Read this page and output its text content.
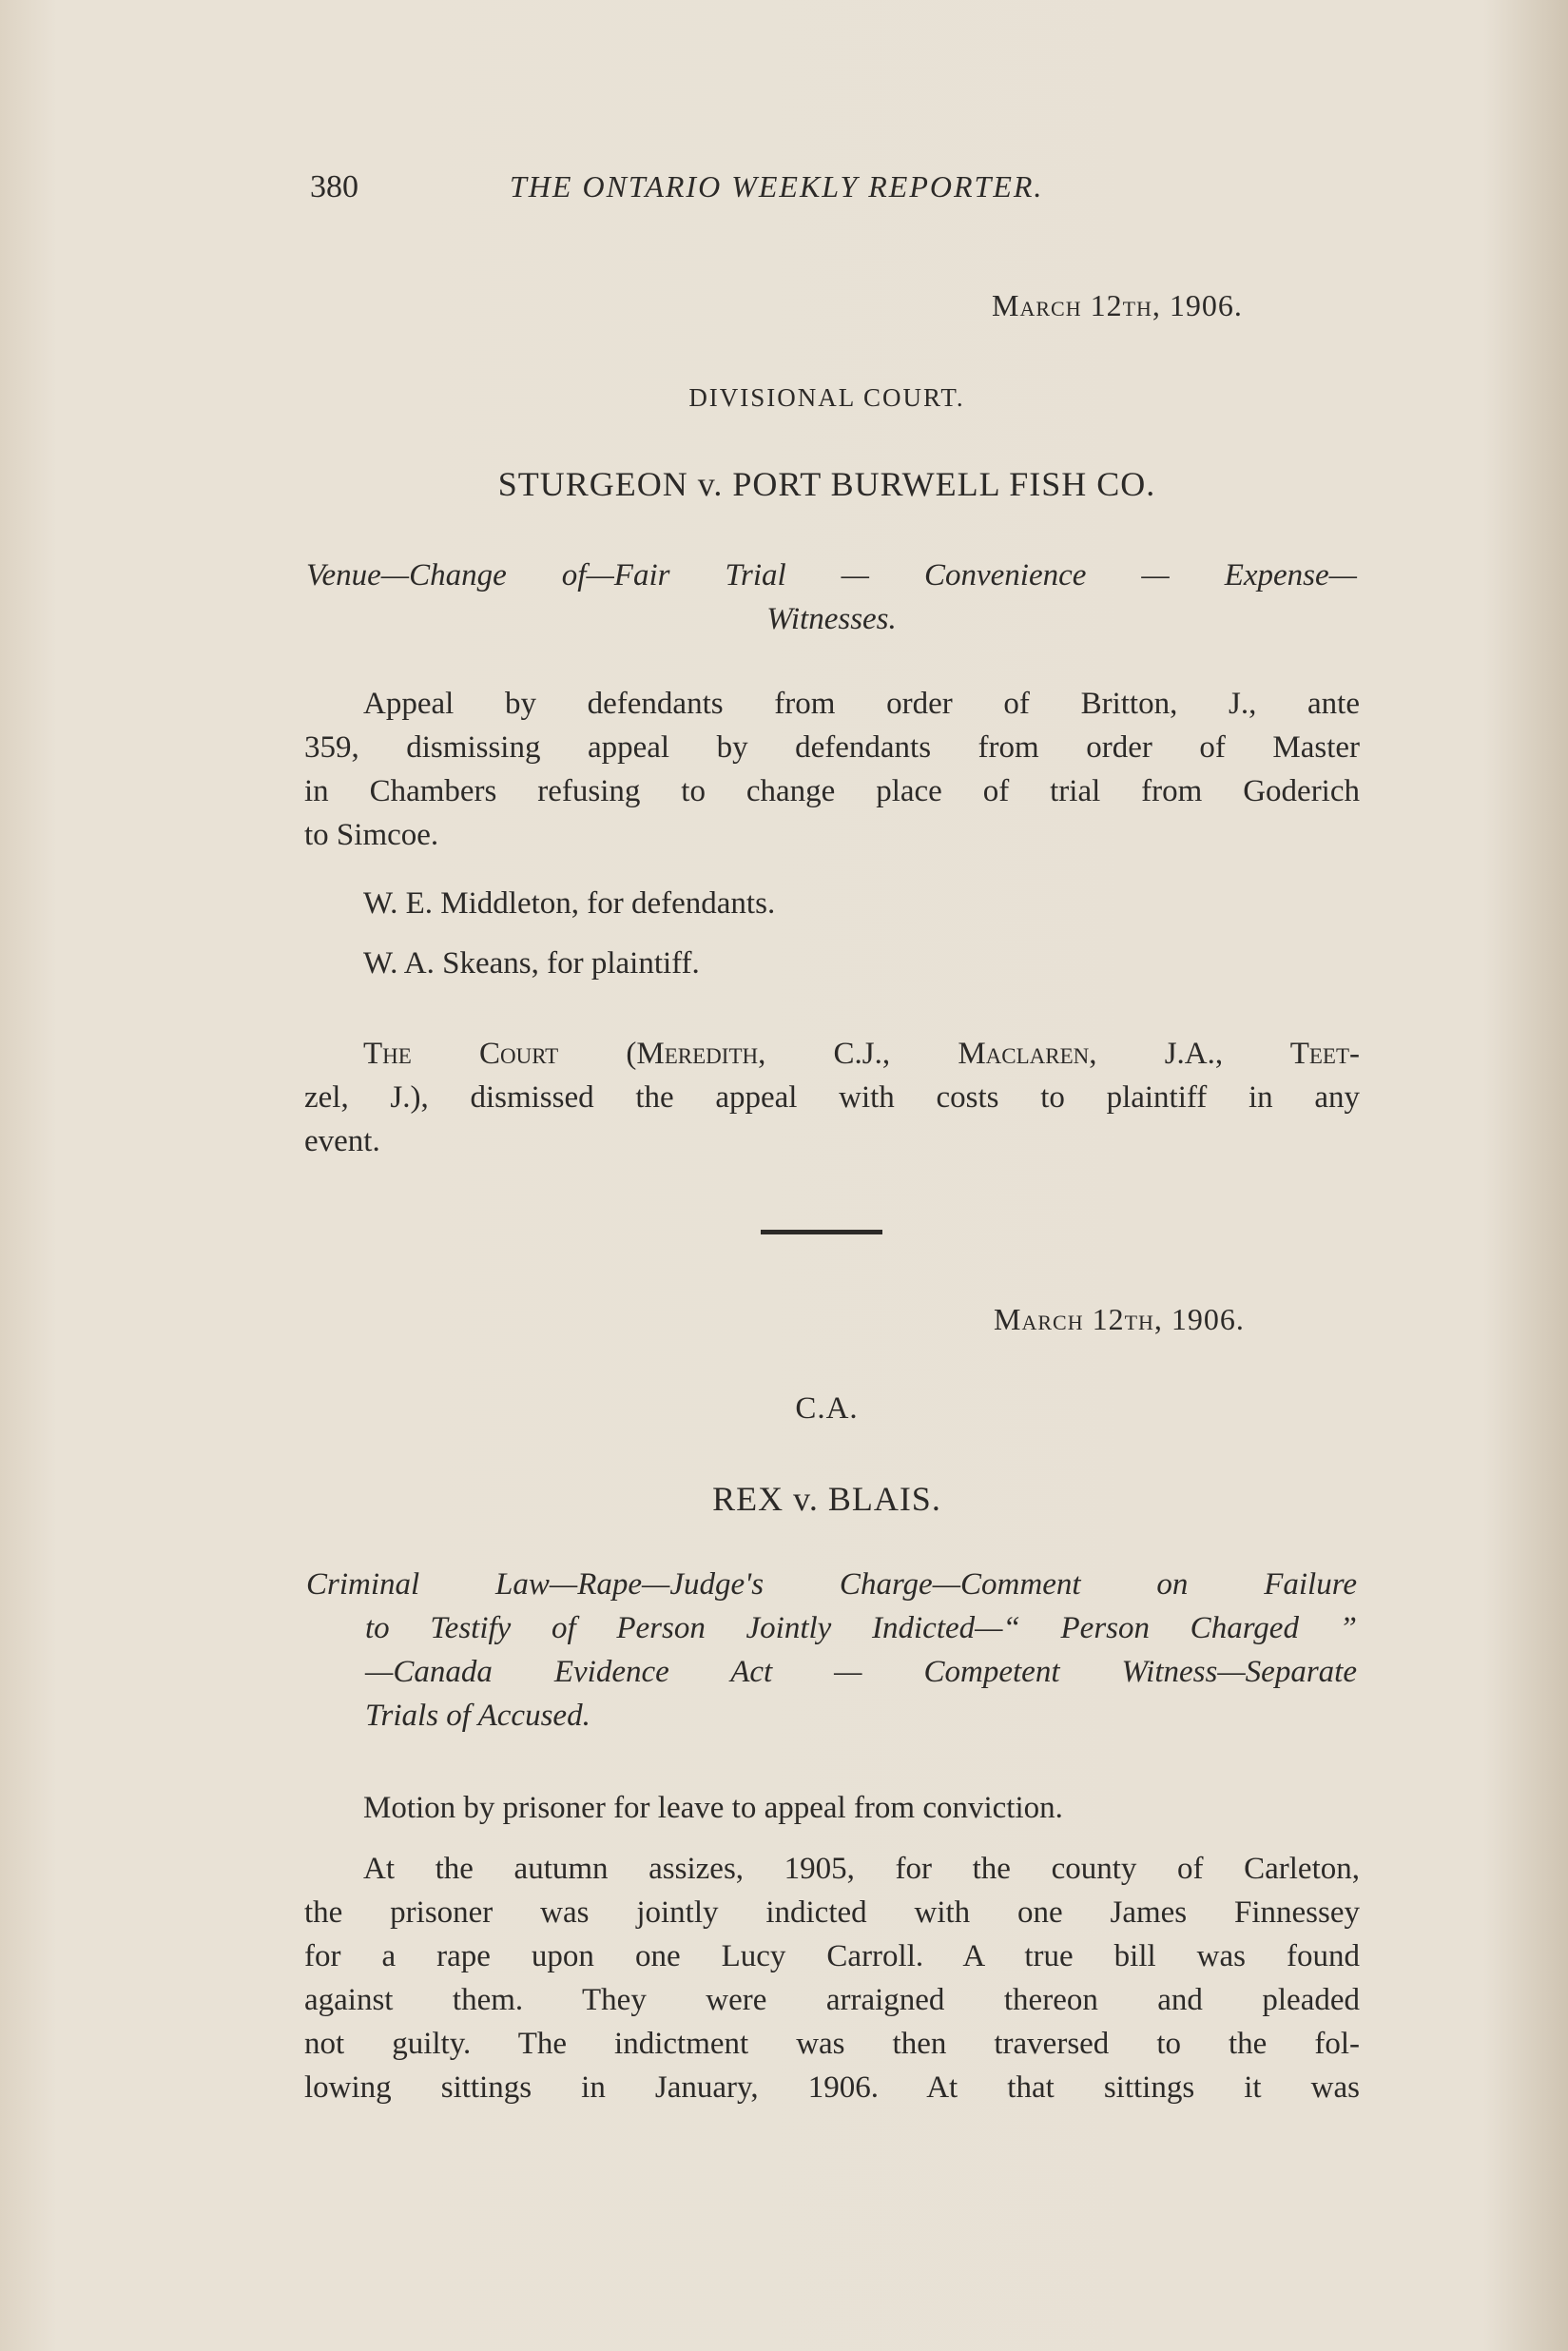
380	THE ONTARIO WEEKLY REPORTER.
March 12th, 1906.
DIVISIONAL COURT.
STURGEON v. PORT BURWELL FISH CO.
Venue—Change of—Fair Trial — Convenience — Expense—
Witnesses.
Appeal by defendants from order of Britton, J., ante
359, dismissing appeal by defendants from order of Master
in Chambers refusing to change place of trial from Goderich
to Simcoe.
W. E. Middleton, for defendants.
W. A. Skeans, for plaintiff.
The Court (Meredith, C.J., Maclaren, J.A., Teet-
zel, J.), dismissed the appeal with costs to plaintiff in any
event.
March 12th, 1906.
C.A.
REX v. BLAIS.
Criminal Law—Rape—Judge's Charge—Comment on Failure
to Testify of Person Jointly Indicted—“ Person Charged ”
—Canada Evidence Act — Competent Witness—Separate
Trials of Accused.
Motion by prisoner for leave to appeal from conviction.
At the autumn assizes, 1905, for the county of Carleton,
the prisoner was jointly indicted with one James Finnessey
for a rape upon one Lucy Carroll. A true bill was found
against them. They were arraigned thereon and pleaded
not guilty. The indictment was then traversed to the fol-
lowing sittings in January, 1906. At that sittings it was
